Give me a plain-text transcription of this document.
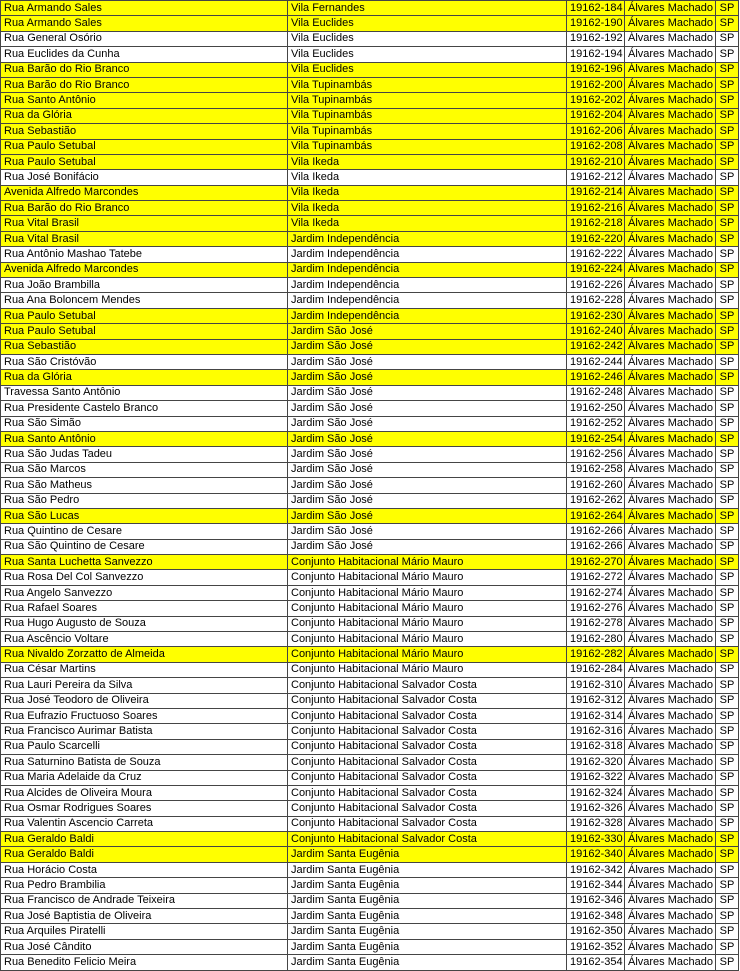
Rua Armando Sales	Vila Fernandes	19162-184	Álvares Machado	SP
Rua Armando Sales	Vila Euclides	19162-190	Álvares Machado	SP
Rua General Osório	Vila Euclides	19162-192	Álvares Machado	SP
Rua Euclides da Cunha	Vila Euclides	19162-194	Álvares Machado	SP
Rua Barão do Rio Branco	Vila Euclides	19162-196	Álvares Machado	SP
Rua Barão do Rio Branco	Vila Tupinambás	19162-200	Álvares Machado	SP
Rua Santo Antônio	Vila Tupinambás	19162-202	Álvares Machado	SP
Rua da Glória	Vila Tupinambás	19162-204	Álvares Machado	SP
Rua Sebastião	Vila Tupinambás	19162-206	Álvares Machado	SP
Rua Paulo Setubal	Vila Tupinambás	19162-208	Álvares Machado	SP
Rua Paulo Setubal	Vila Ikeda	19162-210	Álvares Machado	SP
Rua José Bonifácio	Vila Ikeda	19162-212	Álvares Machado	SP
Avenida Alfredo Marcondes	Vila Ikeda	19162-214	Álvares Machado	SP
Rua Barão do Rio Branco	Vila Ikeda	19162-216	Álvares Machado	SP
Rua Vital Brasil	Vila Ikeda	19162-218	Álvares Machado	SP
Rua Vital Brasil	Jardim Independência	19162-220	Álvares Machado	SP
Rua Antônio Mashao Tatebe	Jardim Independência	19162-222	Álvares Machado	SP
Avenida Alfredo Marcondes	Jardim Independência	19162-224	Álvares Machado	SP
Rua João Brambilla	Jardim Independência	19162-226	Álvares Machado	SP
Rua Ana Boloncem Mendes	Jardim Independência	19162-228	Álvares Machado	SP
Rua Paulo Setubal	Jardim Independência	19162-230	Álvares Machado	SP
Rua Paulo Setubal	Jardim São José	19162-240	Álvares Machado	SP
Rua Sebastião	Jardim São José	19162-242	Álvares Machado	SP
Rua São Cristóvão	Jardim São José	19162-244	Álvares Machado	SP
Rua da Glória	Jardim São José	19162-246	Álvares Machado	SP
Travessa Santo Antônio	Jardim São José	19162-248	Álvares Machado	SP
Rua Presidente Castelo Branco	Jardim São José	19162-250	Álvares Machado	SP
Rua São Simão	Jardim São José	19162-252	Álvares Machado	SP
Rua Santo Antônio	Jardim São José	19162-254	Álvares Machado	SP
Rua São Judas Tadeu	Jardim São José	19162-256	Álvares Machado	SP
Rua São Marcos	Jardim São José	19162-258	Álvares Machado	SP
Rua São Matheus	Jardim São José	19162-260	Álvares Machado	SP
Rua São Pedro	Jardim São José	19162-262	Álvares Machado	SP
Rua São Lucas	Jardim São José	19162-264	Álvares Machado	SP
Rua Quintino de Cesare	Jardim São José	19162-266	Álvares Machado	SP
Rua São Quintino de Cesare	Jardim São José	19162-266	Álvares Machado	SP
Rua Santa Luchetta Sanvezzo	Conjunto Habitacional Mário Mauro	19162-270	Álvares Machado	SP
Rua Rosa Del Col Sanvezzo	Conjunto Habitacional Mário Mauro	19162-272	Álvares Machado	SP
Rua Angelo Sanvezzo	Conjunto Habitacional Mário Mauro	19162-274	Álvares Machado	SP
Rua Rafael Soares	Conjunto Habitacional Mário Mauro	19162-276	Álvares Machado	SP
Rua Hugo Augusto de Souza	Conjunto Habitacional Mário Mauro	19162-278	Álvares Machado	SP
Rua Ascêncio Voltare	Conjunto Habitacional Mário Mauro	19162-280	Álvares Machado	SP
Rua Nivaldo Zorzatto de Almeida	Conjunto Habitacional Mário Mauro	19162-282	Álvares Machado	SP
Rua César Martins	Conjunto Habitacional Mário Mauro	19162-284	Álvares Machado	SP
Rua Lauri Pereira da Silva	Conjunto Habitacional Salvador Costa	19162-310	Álvares Machado	SP
Rua José Teodoro de Oliveira	Conjunto Habitacional Salvador Costa	19162-312	Álvares Machado	SP
Rua Eufrazio Fructuoso Soares	Conjunto Habitacional Salvador Costa	19162-314	Álvares Machado	SP
Rua Francisco Aurimar Batista	Conjunto Habitacional Salvador Costa	19162-316	Álvares Machado	SP
Rua Paulo Scarcelli	Conjunto Habitacional Salvador Costa	19162-318	Álvares Machado	SP
Rua Saturnino Batista de Souza	Conjunto Habitacional Salvador Costa	19162-320	Álvares Machado	SP
Rua Maria Adelaide da Cruz	Conjunto Habitacional Salvador Costa	19162-322	Álvares Machado	SP
Rua Alcides de Oliveira Moura	Conjunto Habitacional Salvador Costa	19162-324	Álvares Machado	SP
Rua Osmar Rodrigues Soares	Conjunto Habitacional Salvador Costa	19162-326	Álvares Machado	SP
Rua Valentin Ascencio Carreta	Conjunto Habitacional Salvador Costa	19162-328	Álvares Machado	SP
Rua Geraldo Baldi	Conjunto Habitacional Salvador Costa	19162-330	Álvares Machado	SP
Rua Geraldo Baldi	Jardim Santa Eugênia	19162-340	Álvares Machado	SP
Rua Horácio Costa	Jardim Santa Eugênia	19162-342	Álvares Machado	SP
Rua Pedro Brambilia	Jardim Santa Eugênia	19162-344	Álvares Machado	SP
Rua Francisco de Andrade Teixeira	Jardim Santa Eugênia	19162-346	Álvares Machado	SP
Rua José Baptistia de Oliveira	Jardim Santa Eugênia	19162-348	Álvares Machado	SP
Rua Arquiles Piratelli	Jardim Santa Eugênia	19162-350	Álvares Machado	SP
Rua José Cândito	Jardim Santa Eugênia	19162-352	Álvares Machado	SP
Rua Benedito Felicio Meira	Jardim Santa Eugênia	19162-354	Álvares Machado	SP
